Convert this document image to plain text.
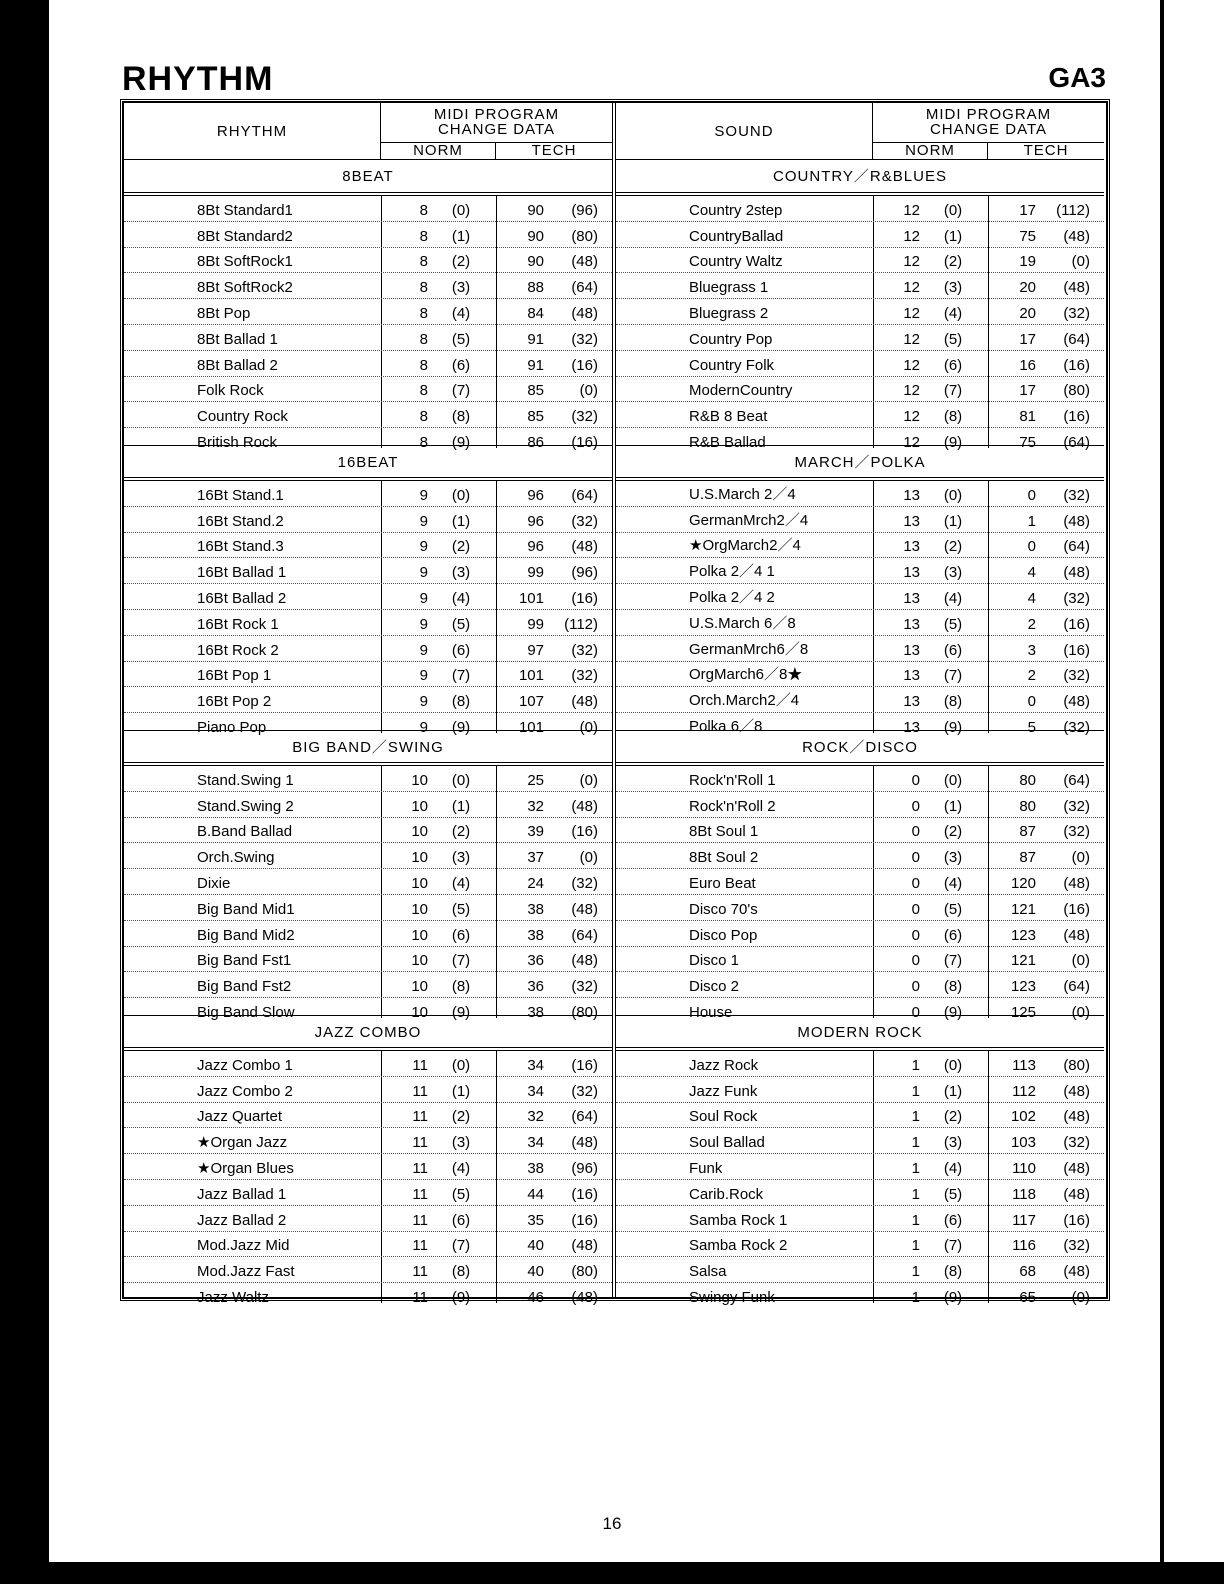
RHYTHM	GA3
RHYTHM
MIDI PROGRAM
CHANGE DATA
NORM	TECH
8BEAT
8Bt Standard1	8	(0)	90	(96)
8Bt Standard2	8	(1)	90	(80)
8Bt SoftRock1	8	(2)	90	(48)
8Bt SoftRock2	8	(3)	88	(64)
8Bt Pop	8	(4)	84	(48)
8Bt Ballad 1	8	(5)	91	(32)
8Bt Ballad 2	8	(6)	91	(16)
Folk Rock	8	(7)	85	(0)
Country Rock	8	(8)	85	(32)
British Rock	8	(9)	86	(16)
16BEAT
16Bt Stand.1	9	(0)	96	(64)
16Bt Stand.2	9	(1)	96	(32)
16Bt Stand.3	9	(2)	96	(48)
16Bt Ballad 1	9	(3)	99	(96)
16Bt Ballad 2	9	(4)	101	(16)
16Bt Rock 1	9	(5)	99	(112)
16Bt Rock 2	9	(6)	97	(32)
16Bt Pop 1	9	(7)	101	(32)
16Bt Pop 2	9	(8)	107	(48)
Piano Pop	9	(9)	101	(0)
BIG BAND／SWING
Stand.Swing 1	10	(0)	25	(0)
Stand.Swing 2	10	(1)	32	(48)
B.Band Ballad	10	(2)	39	(16)
Orch.Swing	10	(3)	37	(0)
Dixie	10	(4)	24	(32)
Big Band Mid1	10	(5)	38	(48)
Big Band Mid2	10	(6)	38	(64)
Big Band Fst1	10	(7)	36	(48)
Big Band Fst2	10	(8)	36	(32)
Big Band Slow	10	(9)	38	(80)
JAZZ COMBO
Jazz Combo 1	11	(0)	34	(16)
Jazz Combo 2	11	(1)	34	(32)
Jazz Quartet	11	(2)	32	(64)
★Organ Jazz	11	(3)	34	(48)
★Organ Blues	11	(4)	38	(96)
Jazz Ballad 1	11	(5)	44	(16)
Jazz Ballad 2	11	(6)	35	(16)
Mod.Jazz Mid	11	(7)	40	(48)
Mod.Jazz Fast	11	(8)	40	(80)
Jazz Waltz	11	(9)	46	(48)
SOUND
MIDI PROGRAM
CHANGE DATA
NORM	TECH
COUNTRY／R&BLUES
Country 2step	12	(0)	17	(112)
CountryBallad	12	(1)	75	(48)
Country Waltz	12	(2)	19	(0)
Bluegrass 1	12	(3)	20	(48)
Bluegrass 2	12	(4)	20	(32)
Country Pop	12	(5)	17	(64)
Country Folk	12	(6)	16	(16)
ModernCountry	12	(7)	17	(80)
R&B 8 Beat	12	(8)	81	(16)
R&B Ballad	12	(9)	75	(64)
MARCH／POLKA
U.S.March 2／4	13	(0)	0	(32)
GermanMrch2／4	13	(1)	1	(48)
★OrgMarch2／4	13	(2)	0	(64)
Polka 2／4 1	13	(3)	4	(48)
Polka 2／4 2	13	(4)	4	(32)
U.S.March 6／8	13	(5)	2	(16)
GermanMrch6／8	13	(6)	3	(16)
OrgMarch6／8★	13	(7)	2	(32)
Orch.March2／4	13	(8)	0	(48)
Polka 6／8	13	(9)	5	(32)
ROCK／DISCO
Rock'n'Roll 1	0	(0)	80	(64)
Rock'n'Roll 2	0	(1)	80	(32)
8Bt Soul 1	0	(2)	87	(32)
8Bt Soul 2	0	(3)	87	(0)
Euro Beat	0	(4)	120	(48)
Disco 70's	0	(5)	121	(16)
Disco Pop	0	(6)	123	(48)
Disco 1	0	(7)	121	(0)
Disco 2	0	(8)	123	(64)
House	0	(9)	125	(0)
MODERN ROCK
Jazz Rock	1	(0)	113	(80)
Jazz Funk	1	(1)	112	(48)
Soul Rock	1	(2)	102	(48)
Soul Ballad	1	(3)	103	(32)
Funk	1	(4)	110	(48)
Carib.Rock	1	(5)	118	(48)
Samba Rock 1	1	(6)	117	(16)
Samba Rock 2	1	(7)	116	(32)
Salsa	1	(8)	68	(48)
Swingy Funk	1	(9)	65	(0)
16
